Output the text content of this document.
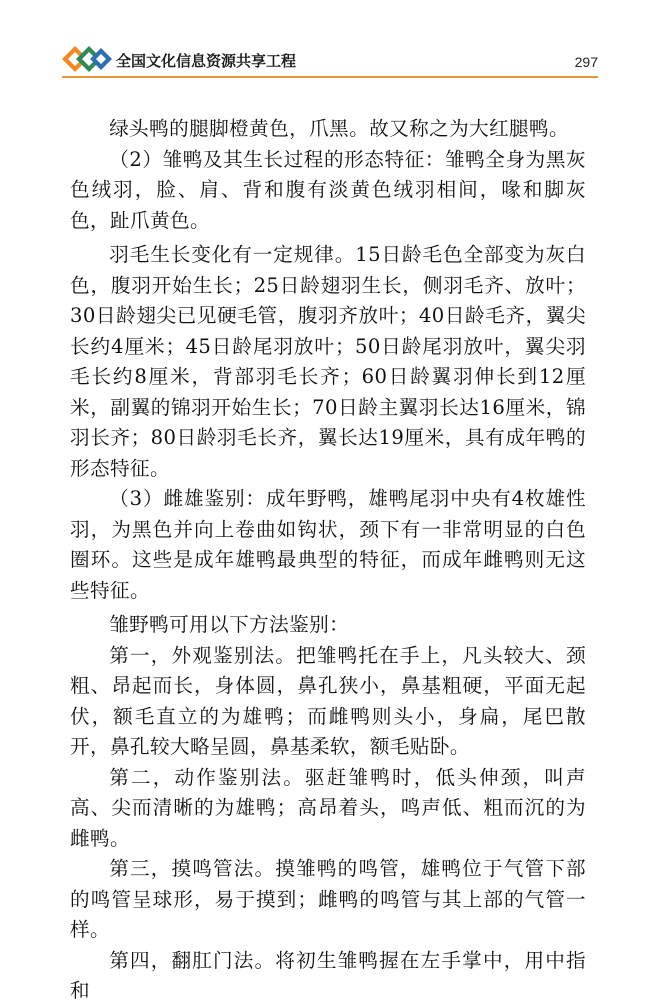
全国文化信息资源共享工程	297

绿头鸭的腿脚橙黄色，爪黑。故又称之为大红腿鸭。

（2）雏鸭及其生长过程的形态特征：雏鸭全身为黑灰色绒羽，脸、肩、背和腹有淡黄色绒羽相间，喙和脚灰色，趾爪黄色。

羽毛生长变化有一定规律。15日龄毛色全部变为灰白色，腹羽开始生长；25日龄翅羽生长，侧羽毛齐、放叶；30日龄翅尖已见硬毛管，腹羽齐放叶；40日龄毛齐，翼尖长约4厘米；45日龄尾羽放叶；50日龄尾羽放叶，翼尖羽毛长约8厘米，背部羽毛长齐；60日龄翼羽伸长到12厘米，副翼的锦羽开始生长；70日龄主翼羽长达16厘米，锦羽长齐；80日龄羽毛长齐，翼长达19厘米，具有成年鸭的形态特征。

（3）雌雄鉴别：成年野鸭，雄鸭尾羽中央有4枚雄性羽，为黑色并向上卷曲如钩状，颈下有一非常明显的白色圈环。这些是成年雄鸭最典型的特征，而成年雌鸭则无这些特征。

雏野鸭可用以下方法鉴别：

第一，外观鉴别法。把雏鸭托在手上，凡头较大、颈粗、昂起而长，身体圆，鼻孔狭小，鼻基粗硬，平面无起伏，额毛直立的为雄鸭；而雌鸭则头小，身扁，尾巴散开，鼻孔较大略呈圆，鼻基柔软，额毛贴卧。

第二，动作鉴别法。驱赶雏鸭时，低头伸颈，叫声高、尖而清晰的为雄鸭；高昂着头，鸣声低、粗而沉的为雌鸭。

第三，摸鸣管法。摸雏鸭的鸣管，雄鸭位于气管下部的鸣管呈球形，易于摸到；雌鸭的鸣管与其上部的气管一样。

第四，翻肛门法。将初生雏鸭握在左手掌中，用中指和
